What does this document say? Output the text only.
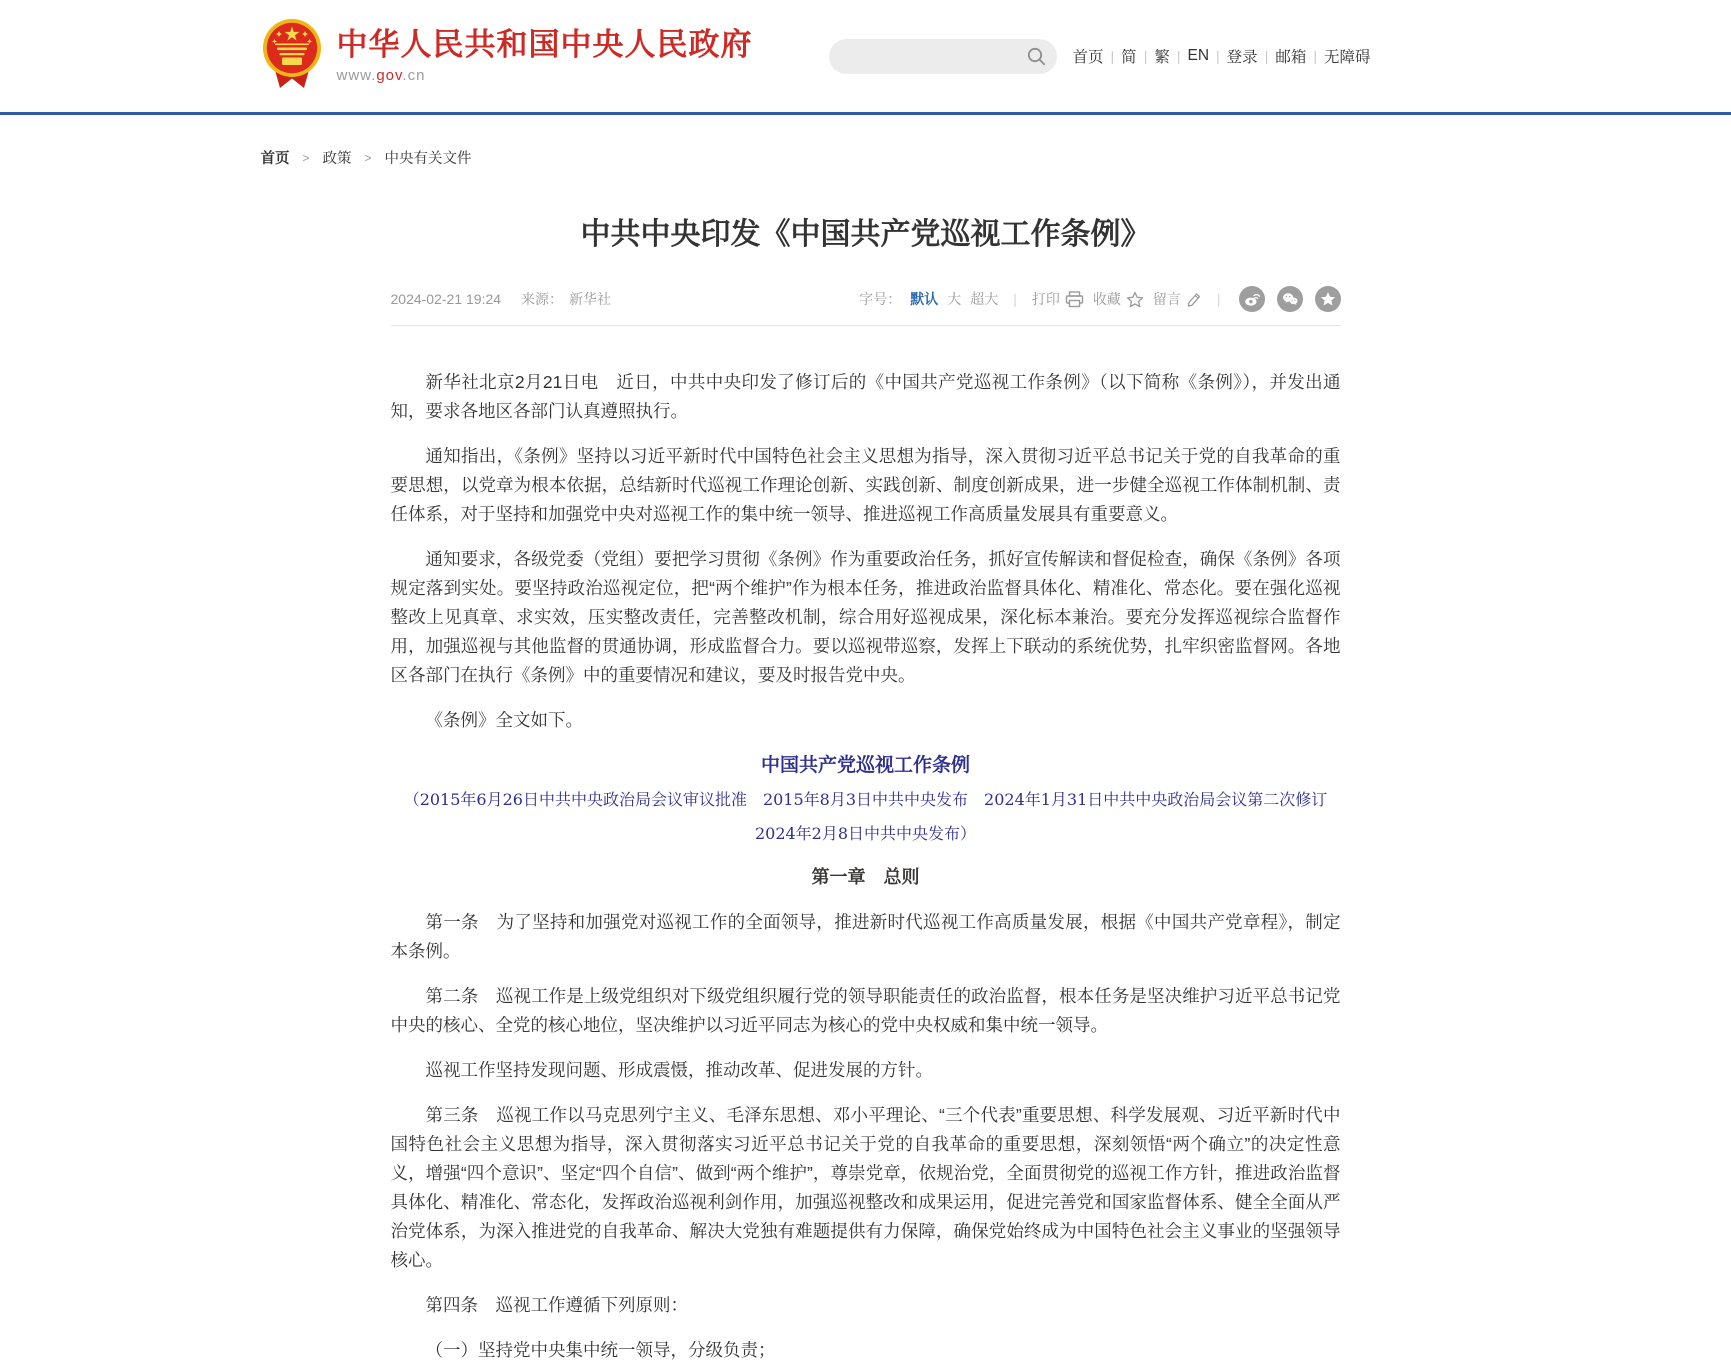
中华人民共和国中央人民政府
www.gov.cn
首页 | 简 | 繁 | EN | 登录 | 邮箱 | 无障碍
首页 > 政策 > 中央有关文件
中共中央印发《中国共产党巡视工作条例》
2024-02-21 19:24 来源： 新华社	字号： 默认 大 超大 | 打印 收藏 留言	|

新华社北京2月21日电　近日，中共中央印发了修订后的《中国共产党巡视工作条例》（以下简称《条例》），并发出通知，要求各地区各部门认真遵照执行。

通知指出，《条例》坚持以习近平新时代中国特色社会主义思想为指导，深入贯彻习近平总书记关于党的自我革命的重要思想，以党章为根本依据，总结新时代巡视工作理论创新、实践创新、制度创新成果，进一步健全巡视工作体制机制、责任体系，对于坚持和加强党中央对巡视工作的集中统一领导、推进巡视工作高质量发展具有重要意义。

通知要求，各级党委（党组）要把学习贯彻《条例》作为重要政治任务，抓好宣传解读和督促检查，确保《条例》各项规定落到实处。要坚持政治巡视定位，把“两个维护”作为根本任务，推进政治监督具体化、精准化、常态化。要在强化巡视整改上见真章、求实效，压实整改责任，完善整改机制，综合用好巡视成果，深化标本兼治。要充分发挥巡视综合监督作用，加强巡视与其他监督的贯通协调，形成监督合力。要以巡视带巡察，发挥上下联动的系统优势，扎牢织密监督网。各地区各部门在执行《条例》中的重要情况和建议，要及时报告党中央。

《条例》全文如下。

中国共产党巡视工作条例

（2015年6月26日中共中央政治局会议审议批准　2015年8月3日中共中央发布　2024年1月31日中共中央政治局会议第二次修订　2024年2月8日中共中央发布）

第一章　总则

第一条　为了坚持和加强党对巡视工作的全面领导，推进新时代巡视工作高质量发展，根据《中国共产党章程》，制定本条例。

第二条　巡视工作是上级党组织对下级党组织履行党的领导职能责任的政治监督，根本任务是坚决维护习近平总书记党中央的核心、全党的核心地位，坚决维护以习近平同志为核心的党中央权威和集中统一领导。

巡视工作坚持发现问题、形成震慑，推动改革、促进发展的方针。

第三条　巡视工作以马克思列宁主义、毛泽东思想、邓小平理论、“三个代表”重要思想、科学发展观、习近平新时代中国特色社会主义思想为指导，深入贯彻落实习近平总书记关于党的自我革命的重要思想，深刻领悟“两个确立”的决定性意义，增强“四个意识”、坚定“四个自信”、做到“两个维护”，尊崇党章，依规治党，全面贯彻党的巡视工作方针，推进政治监督具体化、精准化、常态化，发挥政治巡视利剑作用，加强巡视整改和成果运用，促进完善党和国家监督体系、健全全面从严治党体系，为深入推进党的自我革命、解决大党独有难题提供有力保障，确保党始终成为中国特色社会主义事业的坚强领导核心。

第四条　巡视工作遵循下列原则：

（一）坚持党中央集中统一领导，分级负责；
